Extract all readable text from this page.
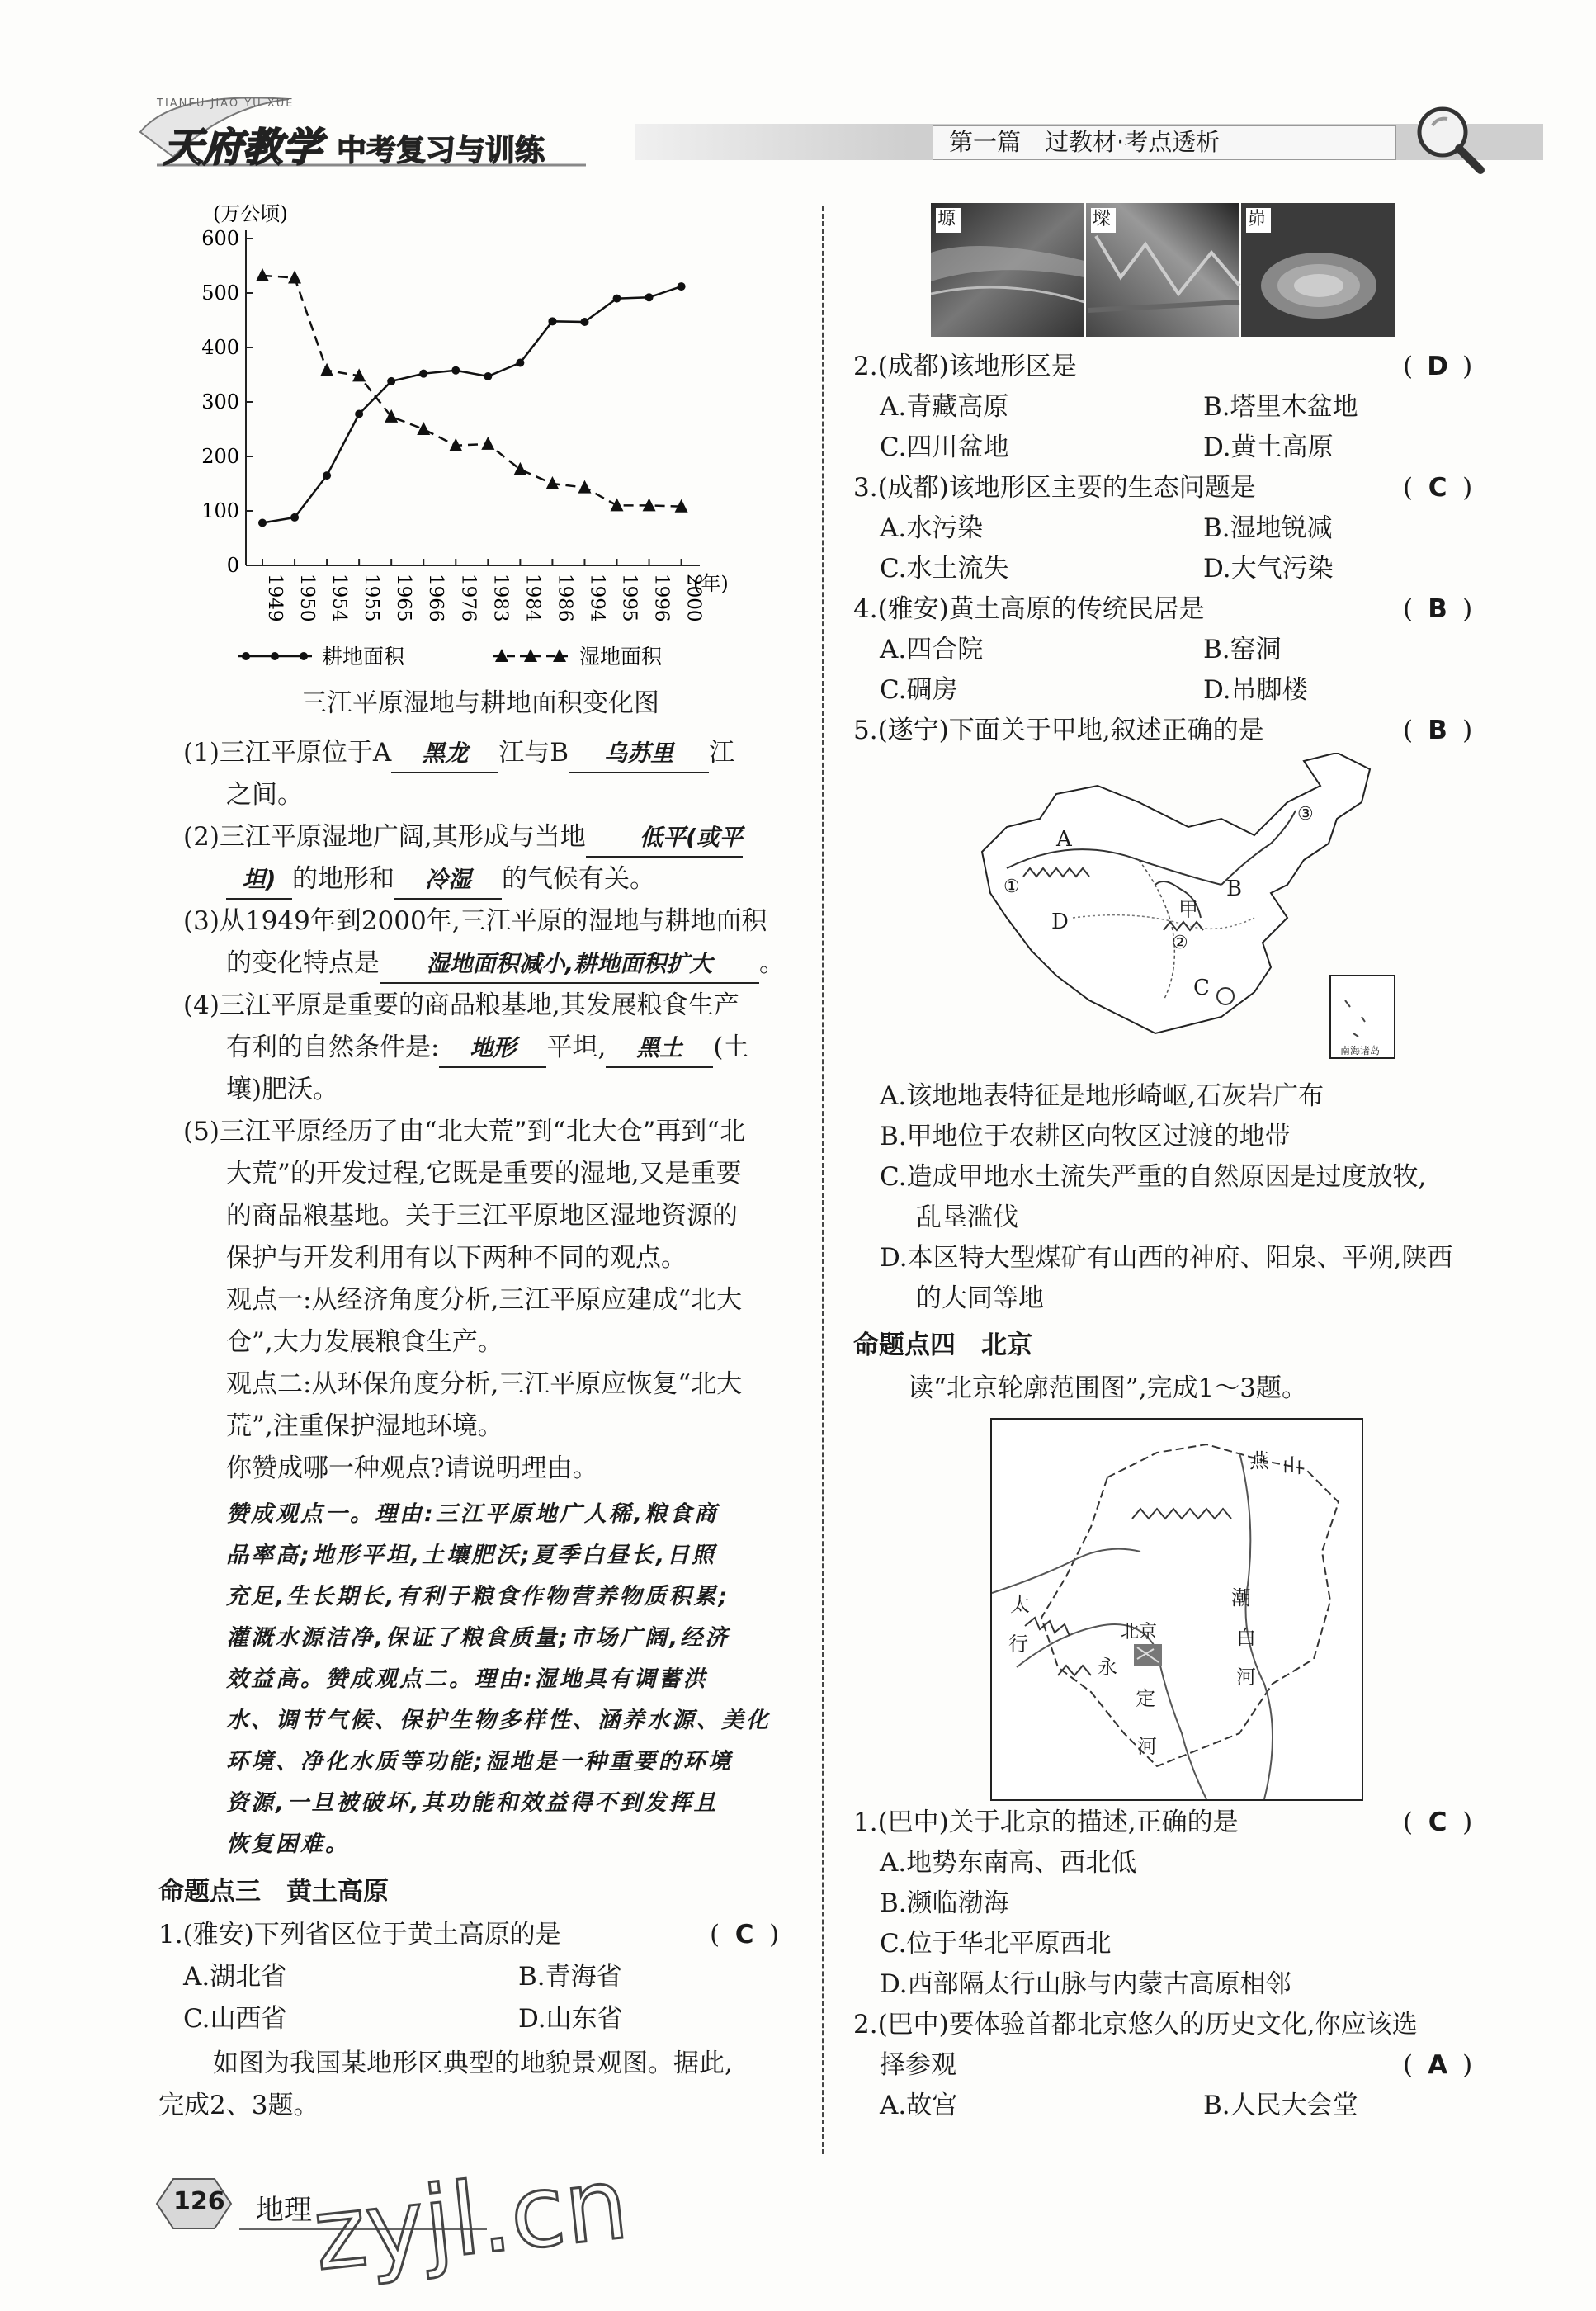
TIANFU JIAO YU XUE
天府教学 中考复习与训练	第一篇　过教材·考点透析
(万公顷)
0
100
200
300
400
500
600
1949 1950 1954 1955 1965 1966 1976 1983 1984 1986 1994 1995 1996 2000
(年)
耕地面积	湿地面积
三江平原湿地与耕地面积变化图
(1)三江平原位于A 黑龙 江与B 乌苏里 江
之间。
(2)三江平原湿地广阔,其形成与当地 低平(或平
坦) 的地形和 冷湿 的气候有关。
(3)从1949年到2000年,三江平原的湿地与耕地面积
的变化特点是 湿地面积减小,耕地面积扩大 。
(4)三江平原是重要的商品粮基地,其发展粮食生产
有利的自然条件是: 地形 平坦, 黑土 (土
壤)肥沃。
(5)三江平原经历了由“北大荒”到“北大仓”再到“北
大荒”的开发过程,它既是重要的湿地,又是重要
的商品粮基地。关于三江平原地区湿地资源的
保护与开发利用有以下两种不同的观点。
观点一:从经济角度分析,三江平原应建成“北大
仓”,大力发展粮食生产。
观点二:从环保角度分析,三江平原应恢复“北大
荒”,注重保护湿地环境。
你赞成哪一种观点?请说明理由。
赞成观点一。理由:三江平原地广人稀,粮食商
品率高;地形平坦,土壤肥沃;夏季白昼长,日照
充足,生长期长,有利于粮食作物营养物质积累;
灌溉水源洁净,保证了粮食质量;市场广阔,经济
效益高。赞成观点二。理由:湿地具有调蓄洪
水、调节气候、保护生物多样性、涵养水源、美化
环境、净化水质等功能;湿地是一种重要的环境
资源,一旦被破坏,其功能和效益得不到发挥且
恢复困难。
命题点三　黄土高原
1.(雅安)下列省区位于黄土高原的是	( C )
A.湖北省	B.青海省
C.山西省	D.山东省
如图为我国某地形区典型的地貌景观图。据此,
完成2、3题。
塬	墚	峁
2.(成都)该地形区是	( D )
A.青藏高原	B.塔里木盆地
C.四川盆地	D.黄土高原
3.(成都)该地形区主要的生态问题是	( C )
A.水污染	B.湿地锐减
C.水土流失	D.大气污染
4.(雅安)黄土高原的传统民居是	( B )
A.四合院	B.窑洞
C.碉房	D.吊脚楼
5.(遂宁)下面关于甲地,叙述正确的是	( B )
A
B
C
D	甲
①
②
③
南海诸岛
A.该地地表特征是地形崎岖,石灰岩广布
B.甲地位于农耕区向牧区过渡的地带
C.造成甲地水土流失严重的自然原因是过度放牧,
乱垦滥伐
D.本区特大型煤矿有山西的神府、阳泉、平朔,陕西
的大同等地
命题点四　北京
读“北京轮廓范围图”,完成1～3题。
燕 山
太
行
潮
白
河
北京
永
定
河
1.(巴中)关于北京的描述,正确的是	( C )
A.地势东南高、西北低
B.濒临渤海
C.位于华北平原西北
D.西部隔太行山脉与内蒙古高原相邻
2.(巴中)要体验首都北京悠久的历史文化,你应该选
择参观	( A )
A.故宫	B.人民大会堂
126 地理
zyjl.cn
